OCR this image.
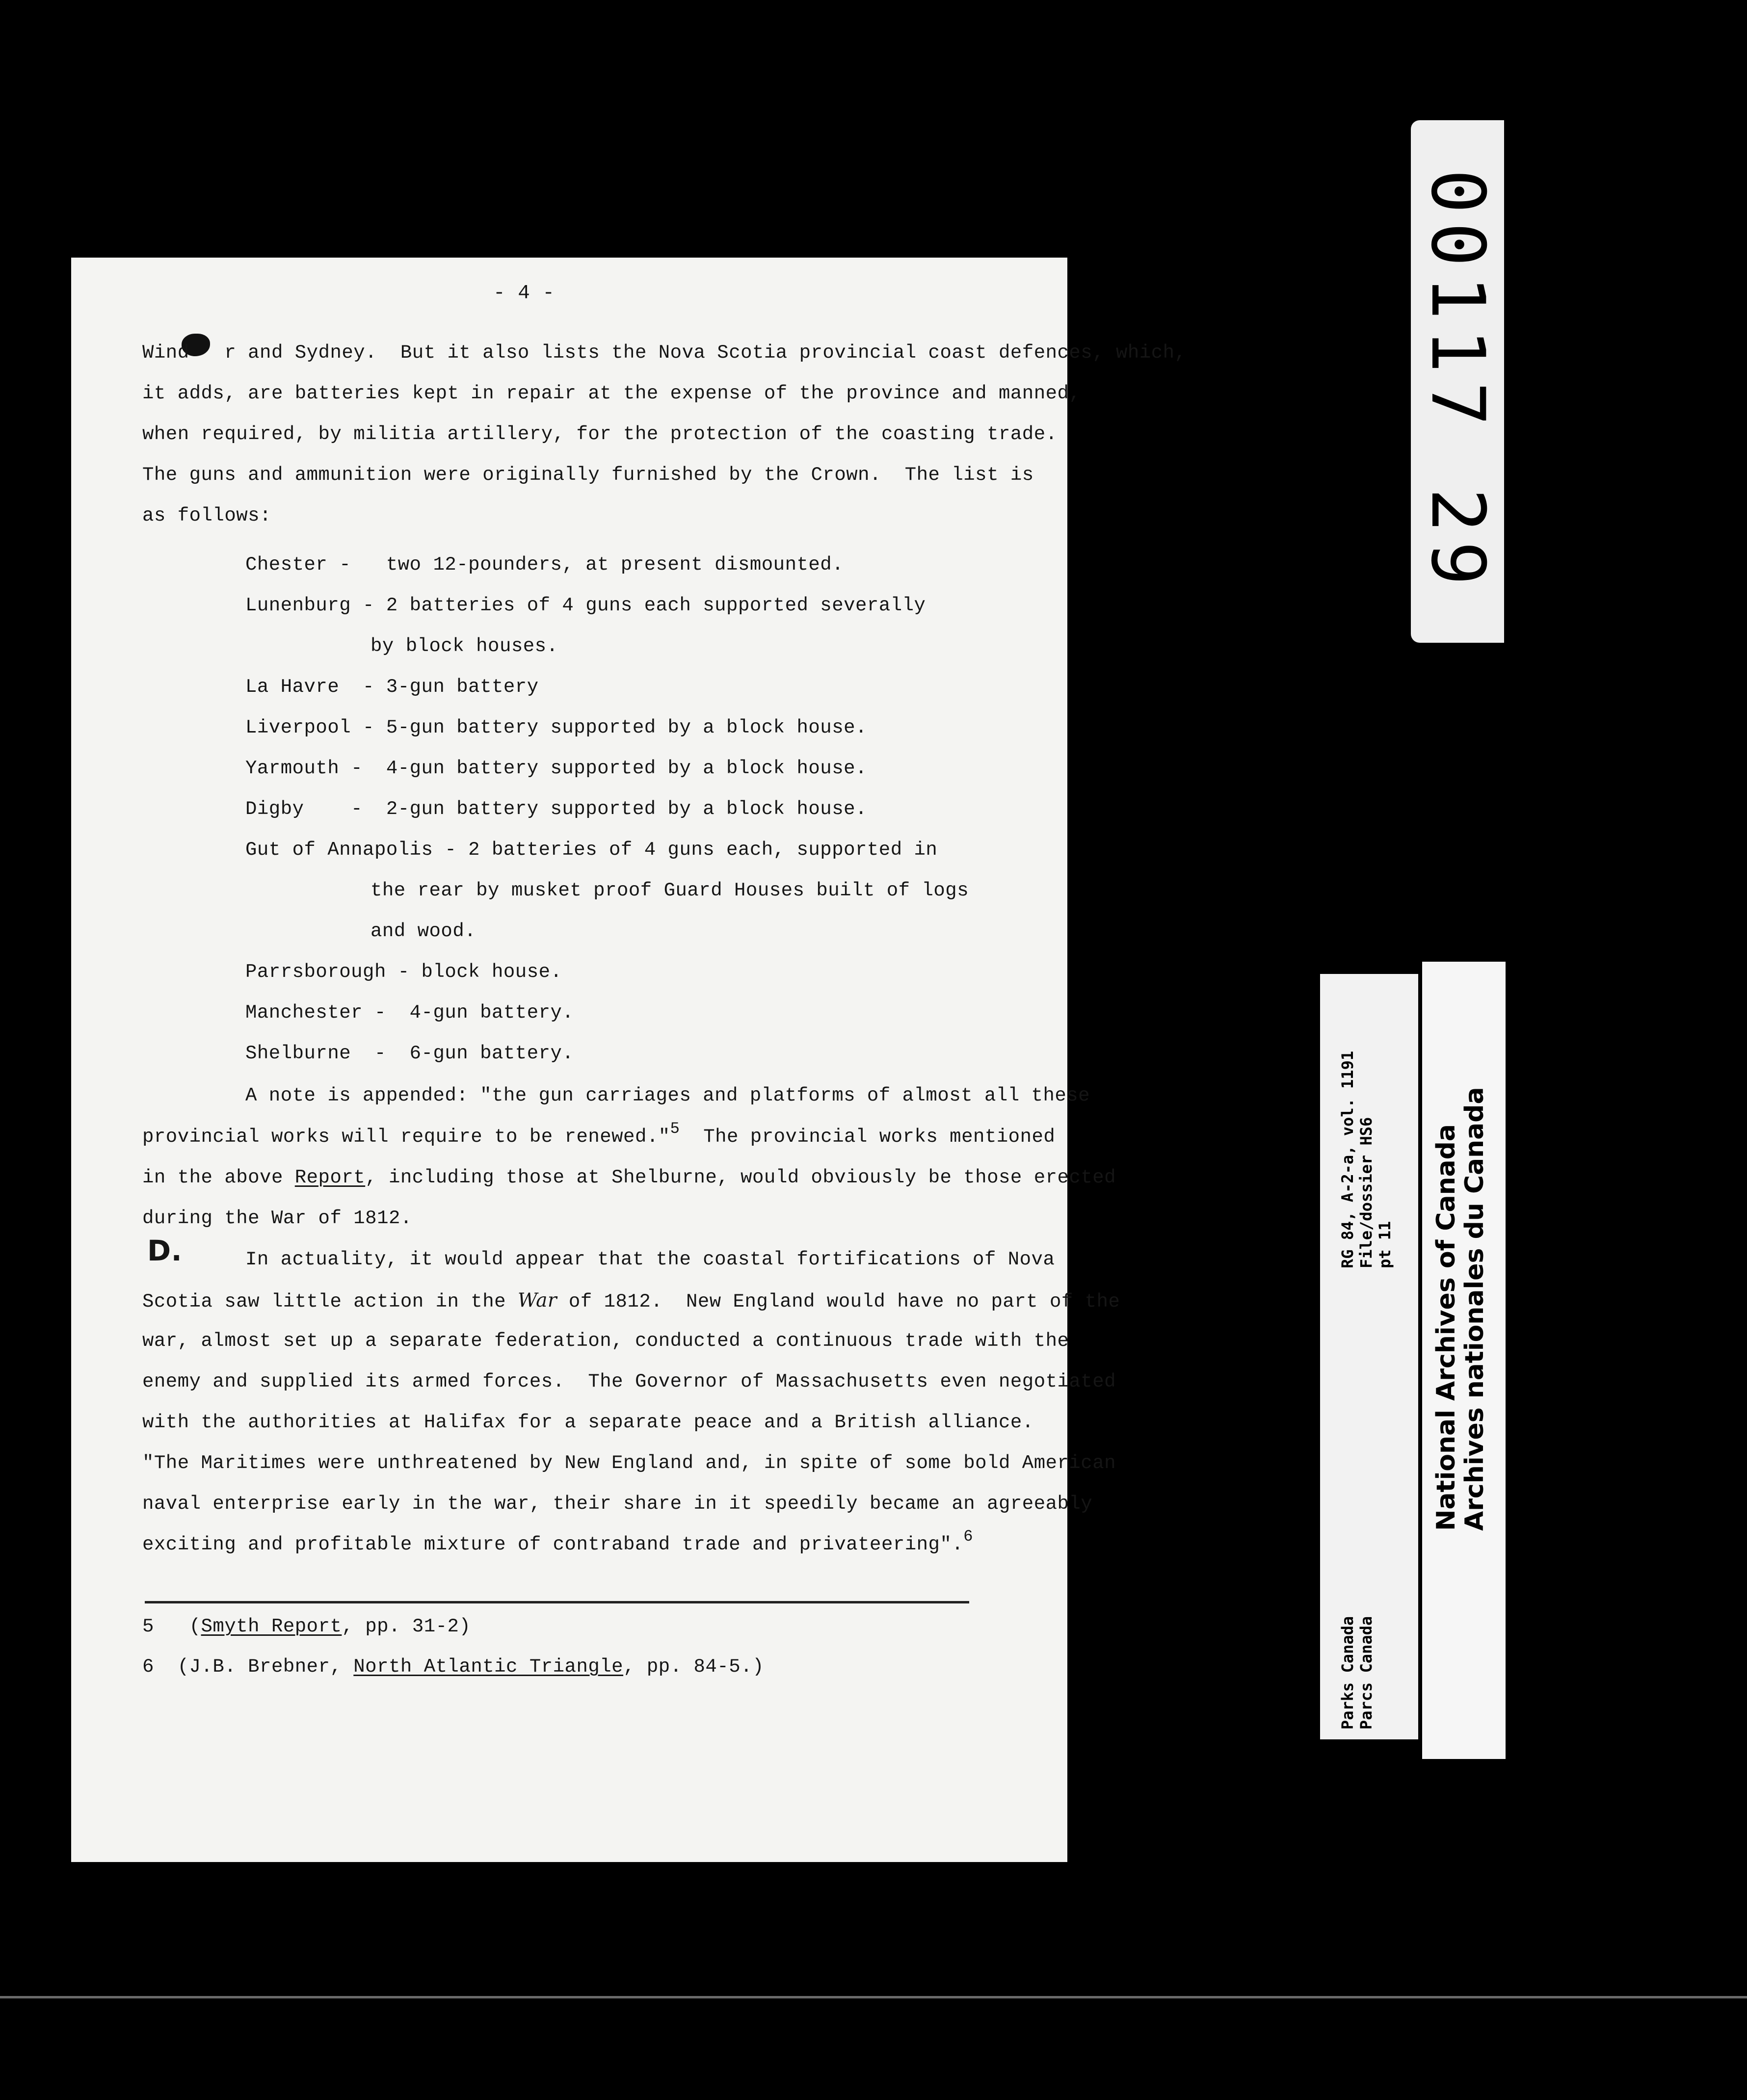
- 4 -
Wind   r and Sydney.  But it also lists the Nova Scotia provincial coast defences, which,
it adds, are batteries kept in repair at the expense of the province and manned,
when required, by militia artillery, for the protection of the coasting trade.
The guns and ammunition were originally furnished by the Crown.  The list is
as follows:
Chester -   two 12-pounders, at present dismounted.
Lunenburg - 2 batteries of 4 guns each supported severally
by block houses.
La Havre  - 3-gun battery
Liverpool - 5-gun battery supported by a block house.
Yarmouth -  4-gun battery supported by a block house.
Digby    -  2-gun battery supported by a block house.
Gut of Annapolis - 2 batteries of 4 guns each, supported in
the rear by musket proof Guard Houses built of logs
and wood.
Parrsborough - block house.
Manchester -  4-gun battery.
Shelburne  -  6-gun battery.
A note is appended: "the gun carriages and platforms of almost all these
provincial works will require to be renewed."$^5$ The provincial works mentioned
in the above Report, including those at Shelburne, would obviously be those erected
during the War of 1812.
D.	In actuality, it would appear that the coastal fortifications of Nova
Scotia saw little action in the War of 1812.  New England would have no part of the
war, almost set up a separate federation, conducted a continuous trade with the
enemy and supplied its armed forces.  The Governor of Massachusetts even negotiated
with the authorities at Halifax for a separate peace and a British alliance.
"The Maritimes were unthreatened by New England and, in spite of some bold American
naval enterprise early in the war, their share in it speedily became an agreeably
exciting and profitable mixture of contraband trade and privateering".$^6$
5 (Smyth Report, pp. 31-2)
6 (J.B. Brebner, North Atlantic Triangle, pp. 84-5.)
00117 29
Parks Canada Parcs Canada
RG 84, A-2-a, vol. 1191 File/dossier HS6 pt 11 National Archives of Canada
Archives nationales du Canada
